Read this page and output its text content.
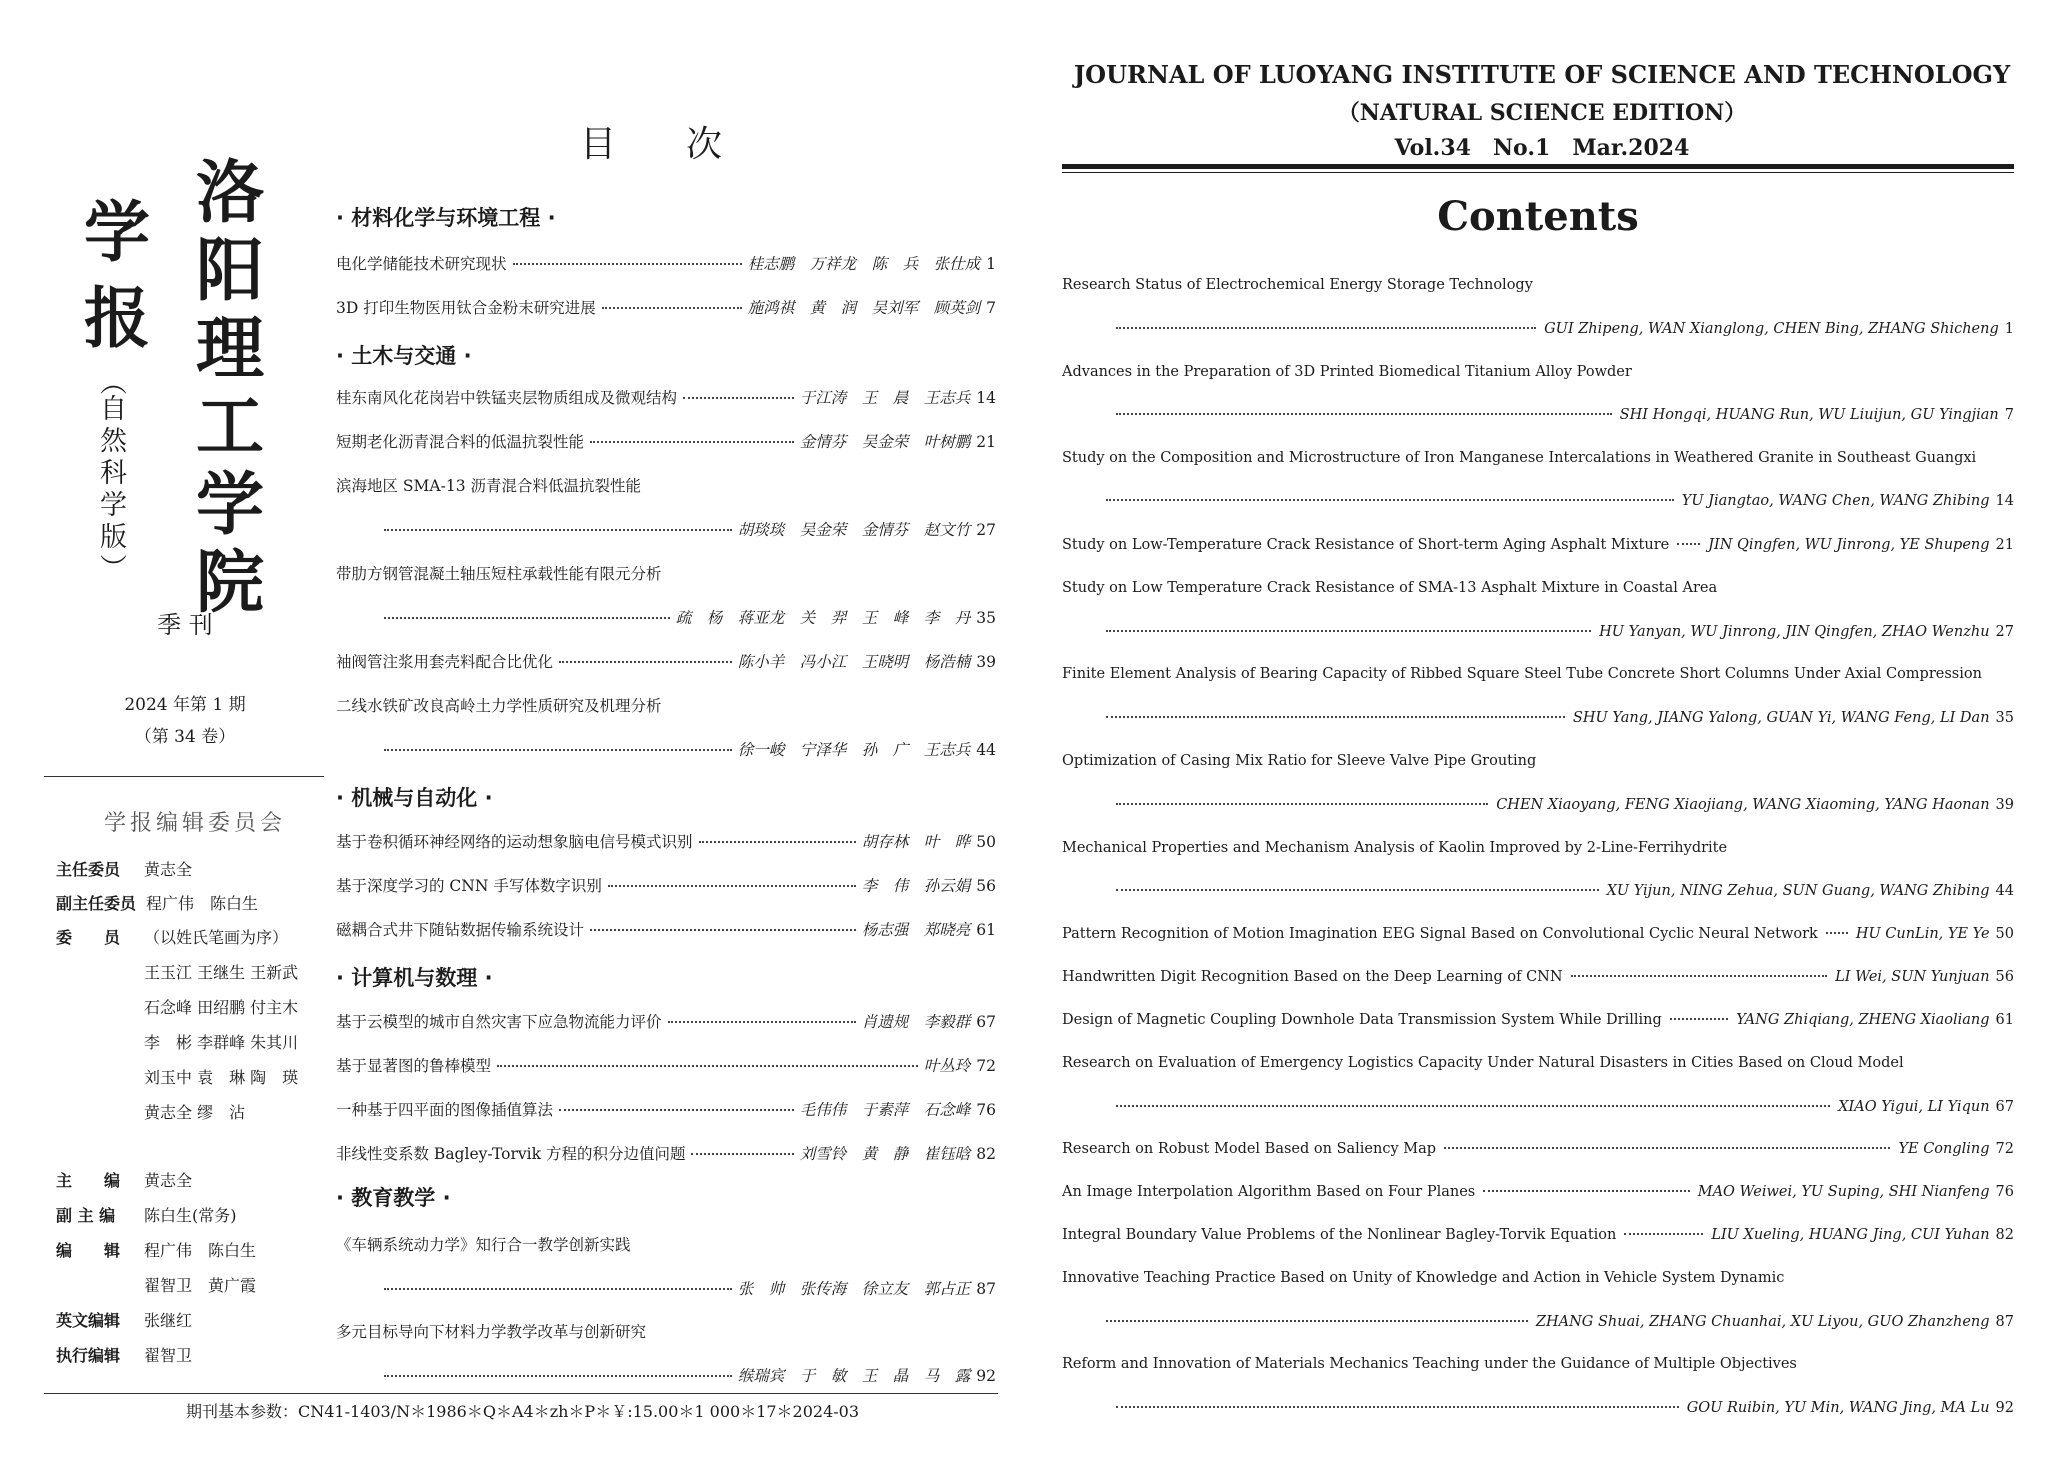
洛
阳
理
工
学
院
学
报
︵
自
然
科
学
版
︶
季 刊
2024 年第 1 期
（第 34 卷）
学报编辑委员会
主任委员 黄志全
副主任委员 程广伟　陈白生
委　　员 （以姓氏笔画为序）
王玉江 王继生 王新武
石念峰 田绍鹏 付主木
李　彬 李群峰 朱其川
刘玉中 袁　琳 陶　瑛
黄志全 缪　沾
主　　编 黄志全
副 主 编 陈白生(常务)
编　　辑 程广伟　陈白生
翟智卫　黄广霞
英文编辑 张继红
执行编辑 翟智卫
目次
· 材料化学与环境工程 ·
· 土木与交通 ·
· 机械与自动化 ·
· 计算机与数理 ·
· 教育教学 ·
电化学储能技术研究现状	桂志鹏　万祥龙　陈　兵　张仕成 1
3D 打印生物医用钛合金粉末研究进展	施鸿祺　黄　润　吴刘军　顾英剑 7
桂东南风化花岗岩中铁锰夹层物质组成及微观结构	于江涛　王　晨　王志兵 14
短期老化沥青混合料的低温抗裂性能	金情芬　吴金荣　叶树鹏 21
滨海地区 SMA-13 沥青混合料低温抗裂性能
胡琰琰　吴金荣　金情芬　赵文竹 27
带肋方钢管混凝土轴压短柱承载性能有限元分析
疏　杨　蒋亚龙　关　羿　王　峰　李　丹 35
袖阀管注浆用套壳料配合比优化	陈小羊　冯小江　王晓明　杨浩楠 39
二线水铁矿改良高岭土力学性质研究及机理分析
徐一峻　宁泽华　孙　广　王志兵 44
基于卷积循环神经网络的运动想象脑电信号模式识别	胡存林　叶　晔 50
基于深度学习的 CNN 手写体数字识别	李　伟　孙云娟 56
磁耦合式井下随钻数据传输系统设计	杨志强　郑晓亮 61
基于云模型的城市自然灾害下应急物流能力评价	肖遗规　李毅群 67
基于显著图的鲁棒模型	叶丛玲 72
一种基于四平面的图像插值算法	毛伟伟　于素萍　石念峰 76
非线性变系数 Bagley-Torvik 方程的积分边值问题	刘雪铃　黄　静　崔钰晗 82
《车辆系统动力学》知行合一教学创新实践
张　帅　张传海　徐立友　郭占正 87
多元目标导向下材料力学教学改革与创新研究
缑瑞宾　于　敏　王　晶　马　露 92
期刊基本参数：CN41-1403/N＊1986＊Q＊A4＊zh＊P＊￥:15.00＊1 000＊17＊2024-03
JOURNAL OF LUOYANG INSTITUTE OF SCIENCE AND TECHNOLOGY
（NATURAL SCIENCE EDITION）
Vol.34　No.1　Mar.2024
Contents
Research Status of Electrochemical Energy Storage Technology
GUI Zhipeng, WAN Xianglong, CHEN Bing, ZHANG Shicheng 1
Advances in the Preparation of 3D Printed Biomedical Titanium Alloy Powder
SHI Hongqi, HUANG Run, WU Liuijun, GU Yingjian 7
Study on the Composition and Microstructure of Iron Manganese Intercalations in Weathered Granite in Southeast Guangxi
YU Jiangtao, WANG Chen, WANG Zhibing 14
Study on Low-Temperature Crack Resistance of Short-term Aging Asphalt Mixture	JIN Qingfen, WU Jinrong, YE Shupeng 21
Study on Low Temperature Crack Resistance of SMA-13 Asphalt Mixture in Coastal Area
HU Yanyan, WU Jinrong, JIN Qingfen, ZHAO Wenzhu 27
Finite Element Analysis of Bearing Capacity of Ribbed Square Steel Tube Concrete Short Columns Under Axial Compression
SHU Yang, JIANG Yalong, GUAN Yi, WANG Feng, LI Dan 35
Optimization of Casing Mix Ratio for Sleeve Valve Pipe Grouting
CHEN Xiaoyang, FENG Xiaojiang, WANG Xiaoming, YANG Haonan 39
Mechanical Properties and Mechanism Analysis of Kaolin Improved by 2-Line-Ferrihydrite
XU Yijun, NING Zehua, SUN Guang, WANG Zhibing 44
Pattern Recognition of Motion Imagination EEG Signal Based on Convolutional Cyclic Neural Network	HU CunLin, YE Ye 50
Handwritten Digit Recognition Based on the Deep Learning of CNN	LI Wei, SUN Yunjuan 56
Design of Magnetic Coupling Downhole Data Transmission System While Drilling	YANG Zhiqiang, ZHENG Xiaoliang 61
Research on Evaluation of Emergency Logistics Capacity Under Natural Disasters in Cities Based on Cloud Model
XIAO Yigui, LI Yiqun 67
Research on Robust Model Based on Saliency Map	YE Congling 72
An Image Interpolation Algorithm Based on Four Planes	MAO Weiwei, YU Suping, SHI Nianfeng 76
Integral Boundary Value Problems of the Nonlinear Bagley-Torvik Equation	LIU Xueling, HUANG Jing, CUI Yuhan 82
Innovative Teaching Practice Based on Unity of Knowledge and Action in Vehicle System Dynamic
ZHANG Shuai, ZHANG Chuanhai, XU Liyou, GUO Zhanzheng 87
Reform and Innovation of Materials Mechanics Teaching under the Guidance of Multiple Objectives
GOU Ruibin, YU Min, WANG Jing, MA Lu 92
